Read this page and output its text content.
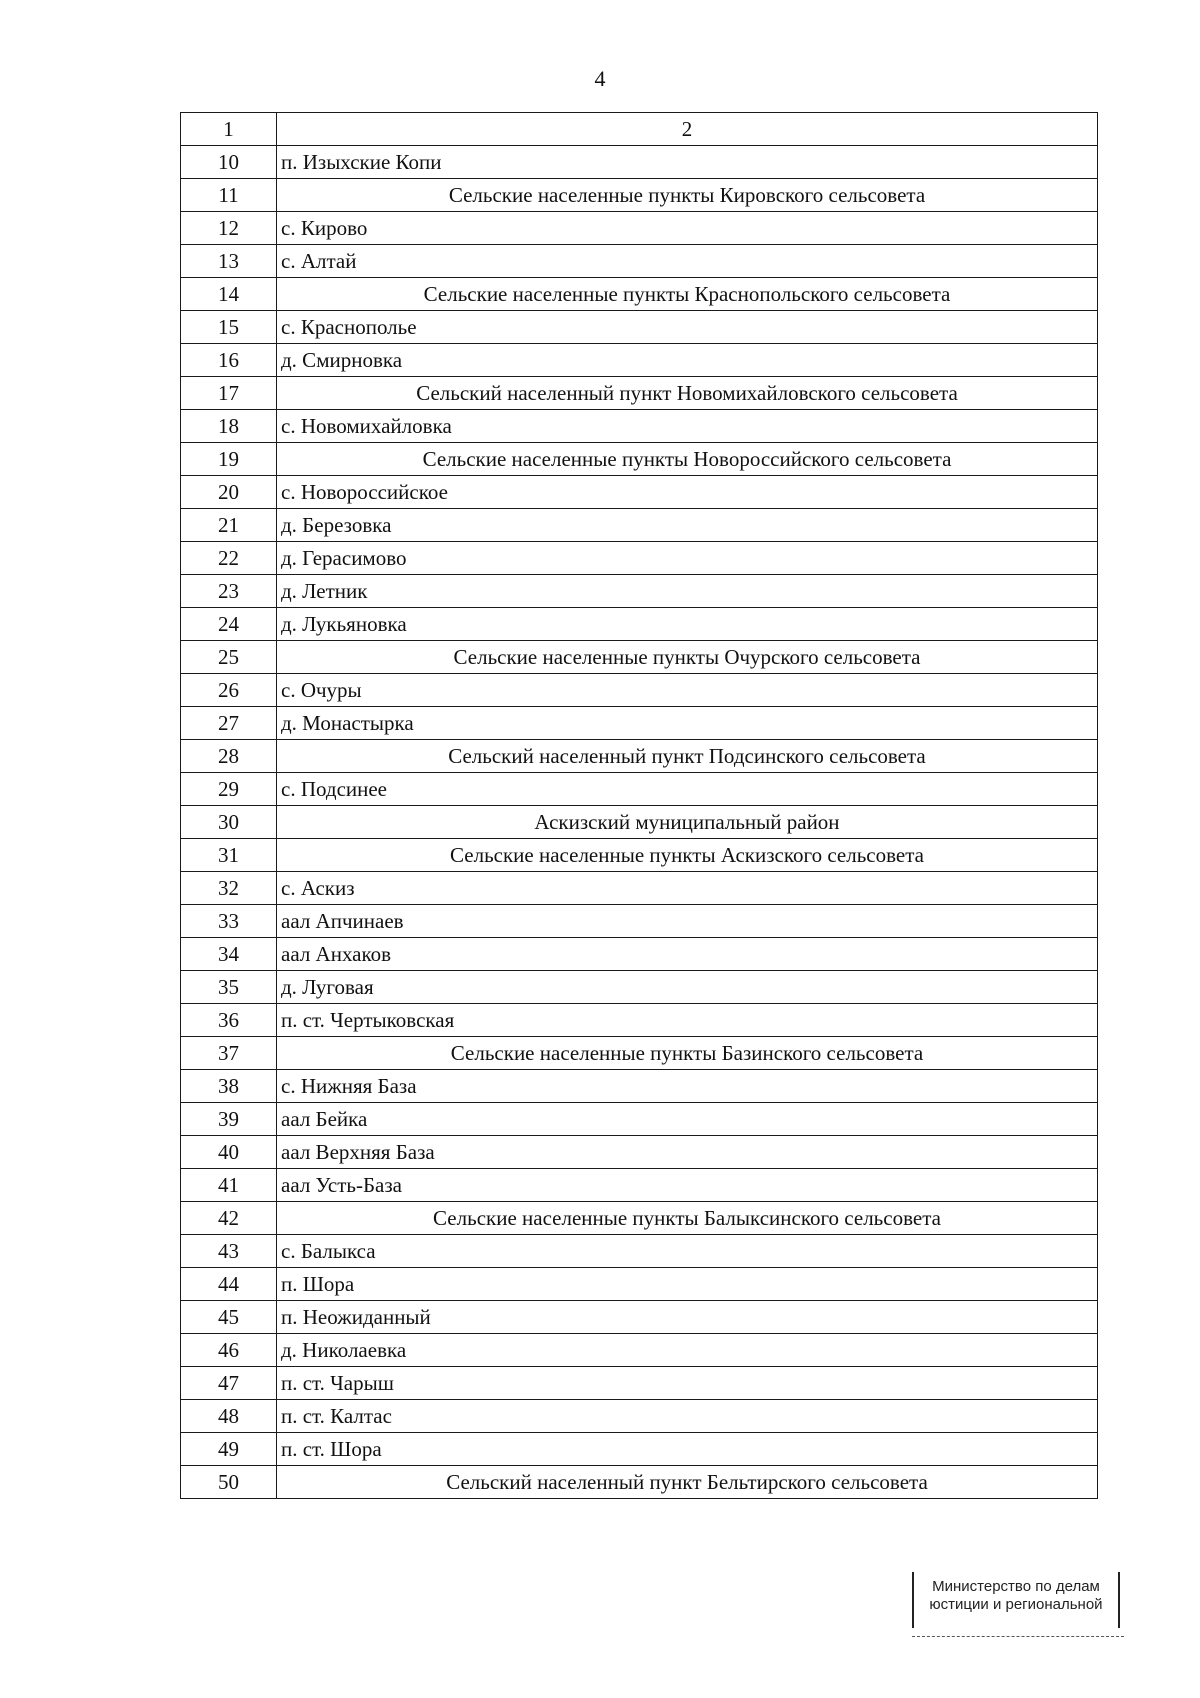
4
1	2
10	п. Изыхские Копи
11	Сельские населенные пункты Кировского сельсовета
12	с. Кирово
13	с. Алтай
14	Сельские населенные пункты Краснопольского сельсовета
15	с. Краснополье
16	д. Смирновка
17	Сельский населенный пункт Новомихайловского сельсовета
18	с. Новомихайловка
19	Сельские населенные пункты Новороссийского сельсовета
20	с. Новороссийское
21	д. Березовка
22	д. Герасимово
23	д. Летник
24	д. Лукьяновка
25	Сельские населенные пункты Очурского сельсовета
26	с. Очуры
27	д. Монастырка
28	Сельский населенный пункт Подсинского сельсовета
29	с. Подсинее
30	Аскизский муниципальный район
31	Сельские населенные пункты Аскизского сельсовета
32	с. Аскиз
33	аал Апчинаев
34	аал Анхаков
35	д. Луговая
36	п. ст. Чертыковская
37	Сельские населенные пункты Базинского сельсовета
38	с. Нижняя База
39	аал Бейка
40	аал Верхняя База
41	аал Усть-База
42	Сельские населенные пункты Балыксинского сельсовета
43	с. Балыкса
44	п. Шора
45	п. Неожиданный
46	д. Николаевка
47	п. ст. Чарыш
48	п. ст. Калтас
49	п. ст. Шора
50	Сельский населенный пункт Бельтирского сельсовета
Министерство по делам
юстиции и региональной
